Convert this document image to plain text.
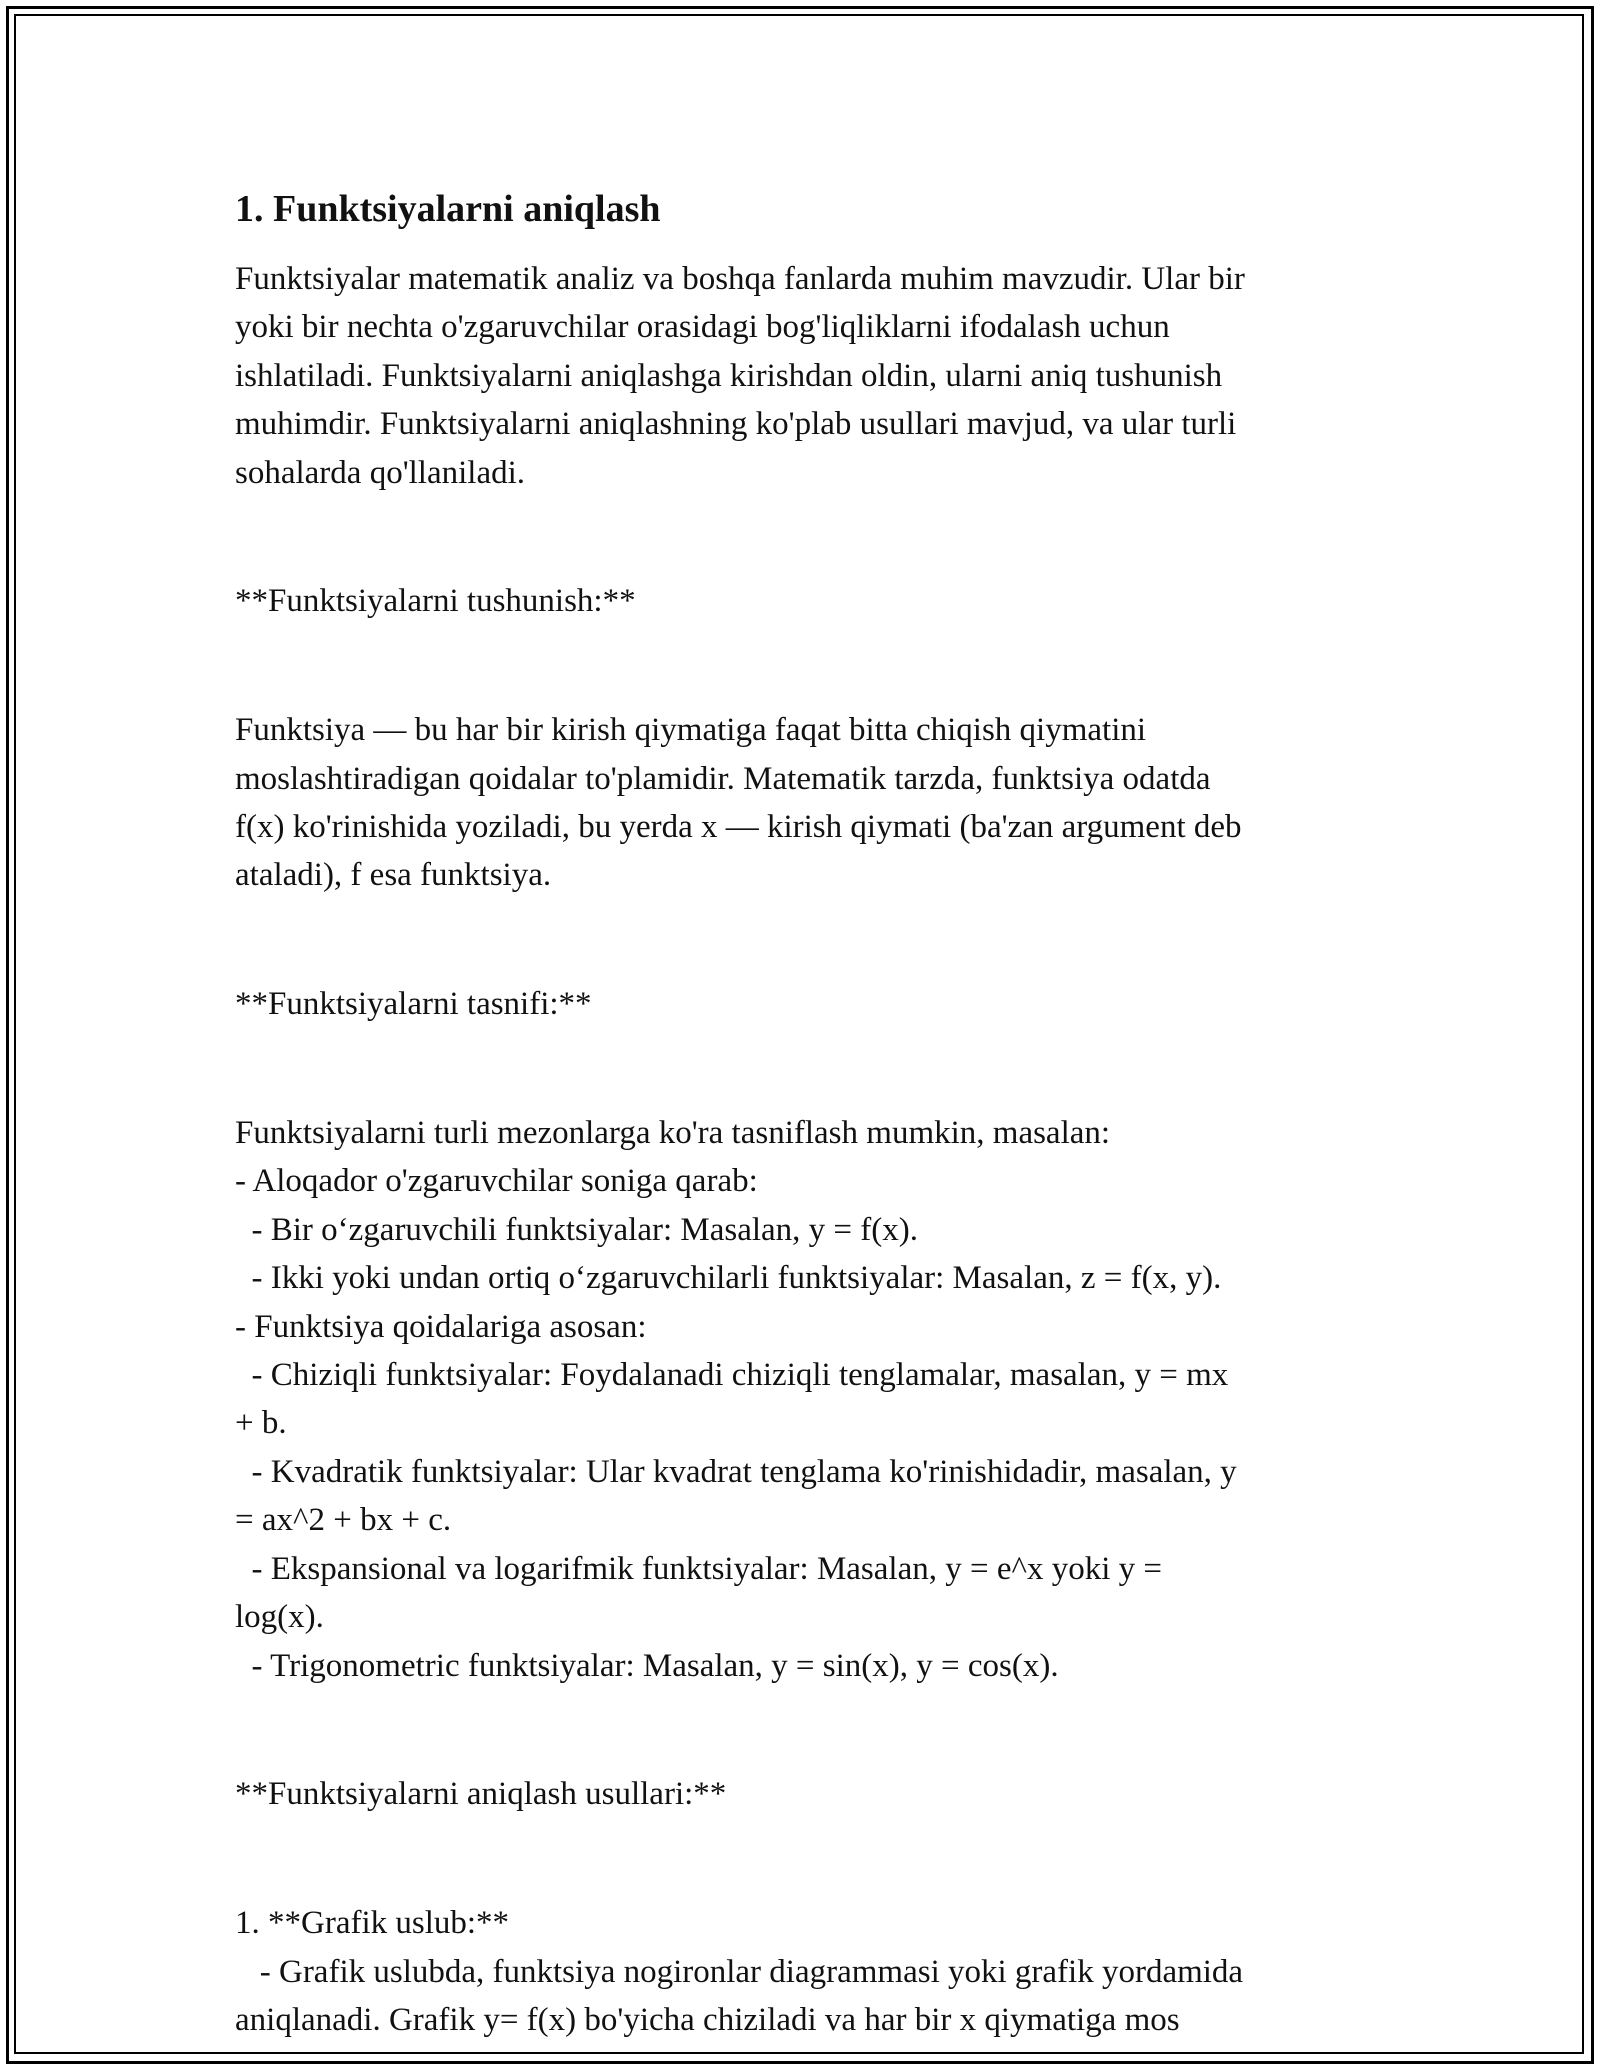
1. Funktsiyalarni aniqlash

Funktsiyalar matematik analiz va boshqa fanlarda muhim mavzudir. Ular bir

yoki bir nechta o'zgaruvchilar orasidagi bog'liqliklarni ifodalash uchun

ishlatiladi. Funktsiyalarni aniqlashga kirishdan oldin, ularni aniq tushunish

muhimdir. Funktsiyalarni aniqlashning ko'plab usullari mavjud, va ular turli

sohalarda qo'llaniladi.

**Funktsiyalarni tushunish:**

Funktsiya — bu har bir kirish qiymatiga faqat bitta chiqish qiymatini

moslashtiradigan qoidalar to'plamidir. Matematik tarzda, funktsiya odatda

f(x) ko'rinishida yoziladi, bu yerda x — kirish qiymati (ba'zan argument deb

ataladi), f esa funktsiya.

**Funktsiyalarni tasnifi:**

Funktsiyalarni turli mezonlarga ko'ra tasniflash mumkin, masalan:

- Aloqador o'zgaruvchilar soniga qarab:

- Bir o‘zgaruvchili funktsiyalar: Masalan, y = f(x).

- Ikki yoki undan ortiq o‘zgaruvchilarli funktsiyalar: Masalan, z = f(x, y).

- Funktsiya qoidalariga asosan:

- Chiziqli funktsiyalar: Foydalanadi chiziqli tenglamalar, masalan, y = mx

+ b.

- Kvadratik funktsiyalar: Ular kvadrat tenglama ko'rinishidadir, masalan, y

= ax^2 + bx + c.

- Ekspansional va logarifmik funktsiyalar: Masalan, y = e^x yoki y =

log(x).

- Trigonometric funktsiyalar: Masalan, y = sin(x), y = cos(x).

**Funktsiyalarni aniqlash usullari:**

1. **Grafik uslub:**

- Grafik uslubda, funktsiya nogironlar diagrammasi yoki grafik yordamida

aniqlanadi. Grafik y= f(x) bo'yicha chiziladi va har bir x qiymatiga mos
